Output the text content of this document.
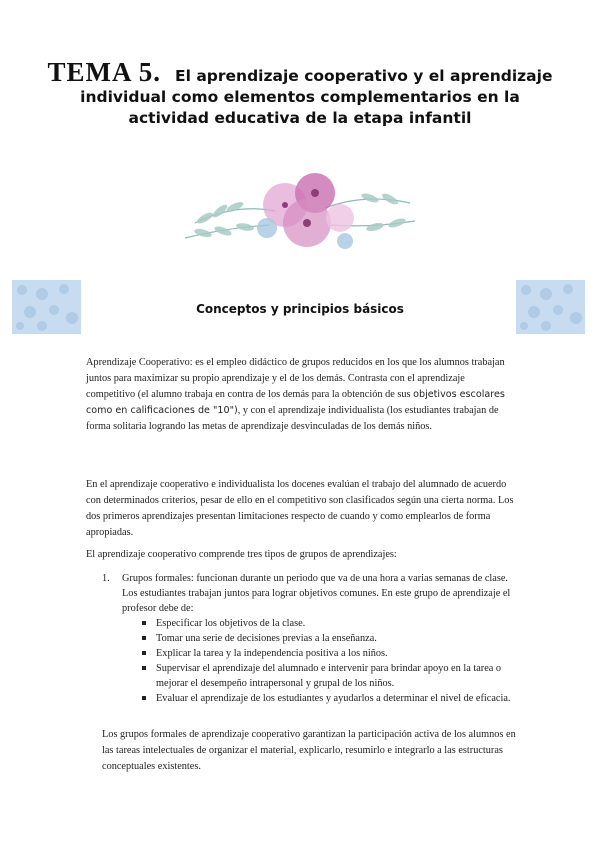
TEMA 5. El aprendizaje cooperativo y el aprendizaje individual como elementos complementarios en la actividad educativa de la etapa infantil
Conceptos y principios básicos
Aprendizaje Cooperativo: es el empleo didáctico de grupos reducidos en los que los alumnos trabajan juntos para maximizar su propio aprendizaje y el de los demás. Contrasta con el aprendizaje competitivo (el alumno trabaja en contra de los demás para la obtención de sus objetivos escolares como en calificaciones de "10"), y con el aprendizaje individualista (los estudiantes trabajan de forma solitaria logrando las metas de aprendizaje desvinculadas de los demás niños.
En el aprendizaje cooperativo e individualista los docenes evalúan el trabajo del alumnado de acuerdo con determinados criterios, pesar de ello en el competitivo son clasificados según una cierta norma. Los dos primeros aprendizajes presentan limitaciones respecto de cuando y como emplearlos de forma apropiadas.
El aprendizaje cooperativo comprende tres tipos de grupos de aprendizajes:
1.	Grupos formales: funcionan durante un periodo que va de una hora a varias semanas de clase. Los estudiantes trabajan juntos para lograr objetivos comunes. En este grupo de aprendizaje el profesor debe de:
Especificar los objetivos de la clase.
Tomar una serie de decisiones previas a la enseñanza.
Explicar la tarea y la independencia positiva a los niños.
Supervisar el aprendizaje del alumnado e intervenir para brindar apoyo en la tarea o mejorar el desempeño intrapersonal y grupal de los niños.
Evaluar el aprendizaje de los estudiantes y ayudarlos a determinar el nivel de eficacia.
Los grupos formales de aprendizaje cooperativo garantizan la participación activa de los alumnos en las tareas intelectuales de organizar el material, explicarlo, resumirlo e integrarlo a las estructuras conceptuales existentes.
